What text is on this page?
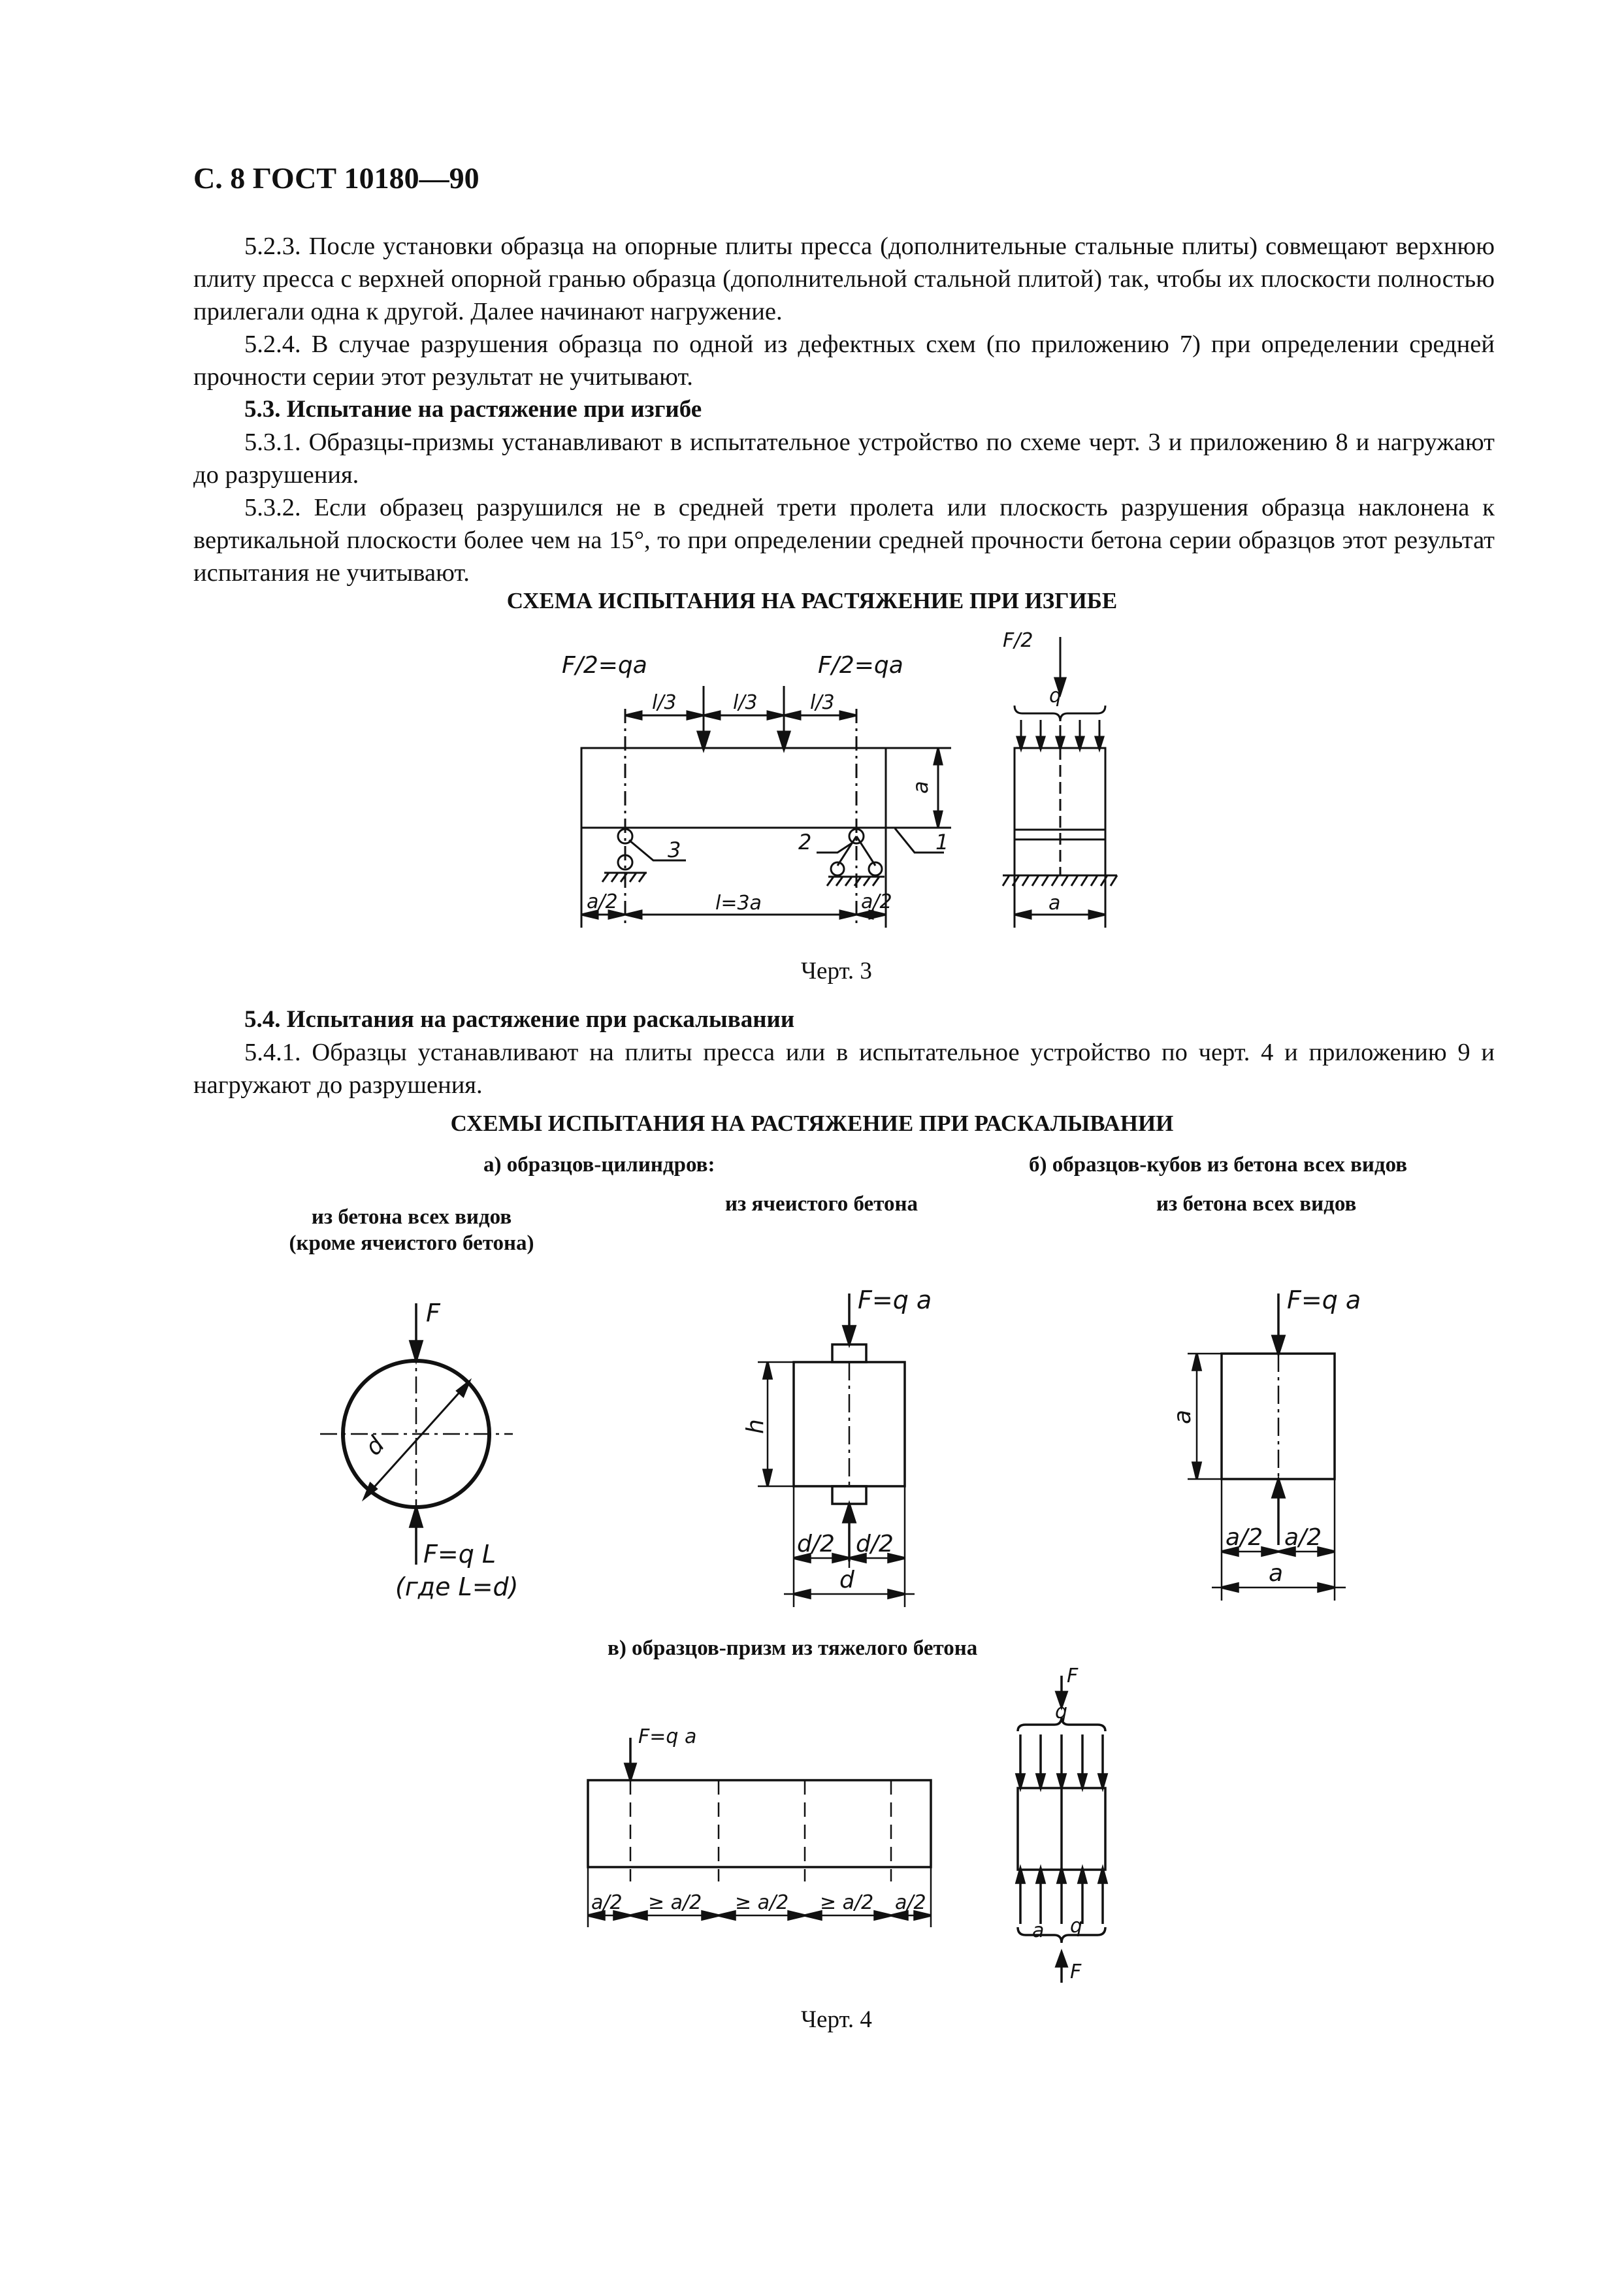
С. 8 ГОСТ 10180—90

5.2.3. После установки образца на опорные плиты пресса (дополнительные стальные плиты) совмещают верхнюю плиту пресса с верхней опорной гранью образца (дополнительной стальной плитой) так, чтобы их плоскости полностью прилегали одна к другой. Далее начинают нагружение.

5.2.4. В случае разрушения образца по одной из дефектных схем (по приложению 7) при определении средней прочности серии этот результат не учитывают.

5.3. Испытание на растяжение при изгибе

5.3.1. Образцы-призмы устанавливают в испытательное устройство по схеме черт. 3 и приложению 8 и нагружают до разрушения.

5.3.2. Если образец разрушился не в средней трети пролета или плоскость разрушения образца наклонена к вертикальной плоскости более чем на 15°, то при определении средней прочности бетона серии образцов этот результат испытания не учитывают.

СХЕМА ИСПЫТАНИЯ НА РАСТЯЖЕНИЕ ПРИ ИЗГИБЕ
F/2=qa	F/2=qa
l/3	l/3	l/3
a
3	2	1
a/2	l=3a	a/2
F/2
q
a
Черт. 3

5.4. Испытания на растяжение при раскалывании

5.4.1. Образцы устанавливают на плиты пресса или в испытательное устройство по черт. 4 и приложению 9 и нагружают до разрушения.

СХЕМЫ ИСПЫТАНИЯ НА РАСТЯЖЕНИЕ ПРИ РАСКАЛЫВАНИИ
а) образцов-цилиндров:	б) образцов-кубов из бетона всех видов
из бетона всех видов
(кроме ячеистого бетона)
из ячеистого бетона	из бетона всех видов
F
d
F=q L
(где L=d)
F=q a
h
d/2 d/2
d
F=q a
a
a/2 a/2
a
F=q a
a/2 ≥ a/2 ≥ a/2 ≥ a/2 a/2
F
q
a q
F
в) образцов-призм из тяжелого бетона
Черт. 4
